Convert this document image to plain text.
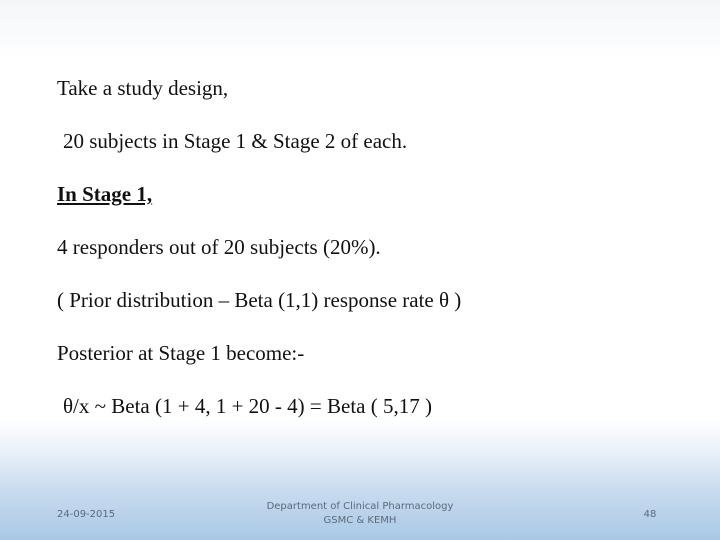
Take a study design,
20 subjects in Stage 1 & Stage 2 of each.
In Stage 1,
4 responders out of 20 subjects (20%).
( Prior distribution – Beta (1,1) response rate θ )
Posterior at Stage 1 become:-
θ/x ~ Beta (1 + 4, 1 + 20 - 4) = Beta ( 5,17 )
24-09-2015
Department of Clinical Pharmacology
GSMC & KEMH
48
